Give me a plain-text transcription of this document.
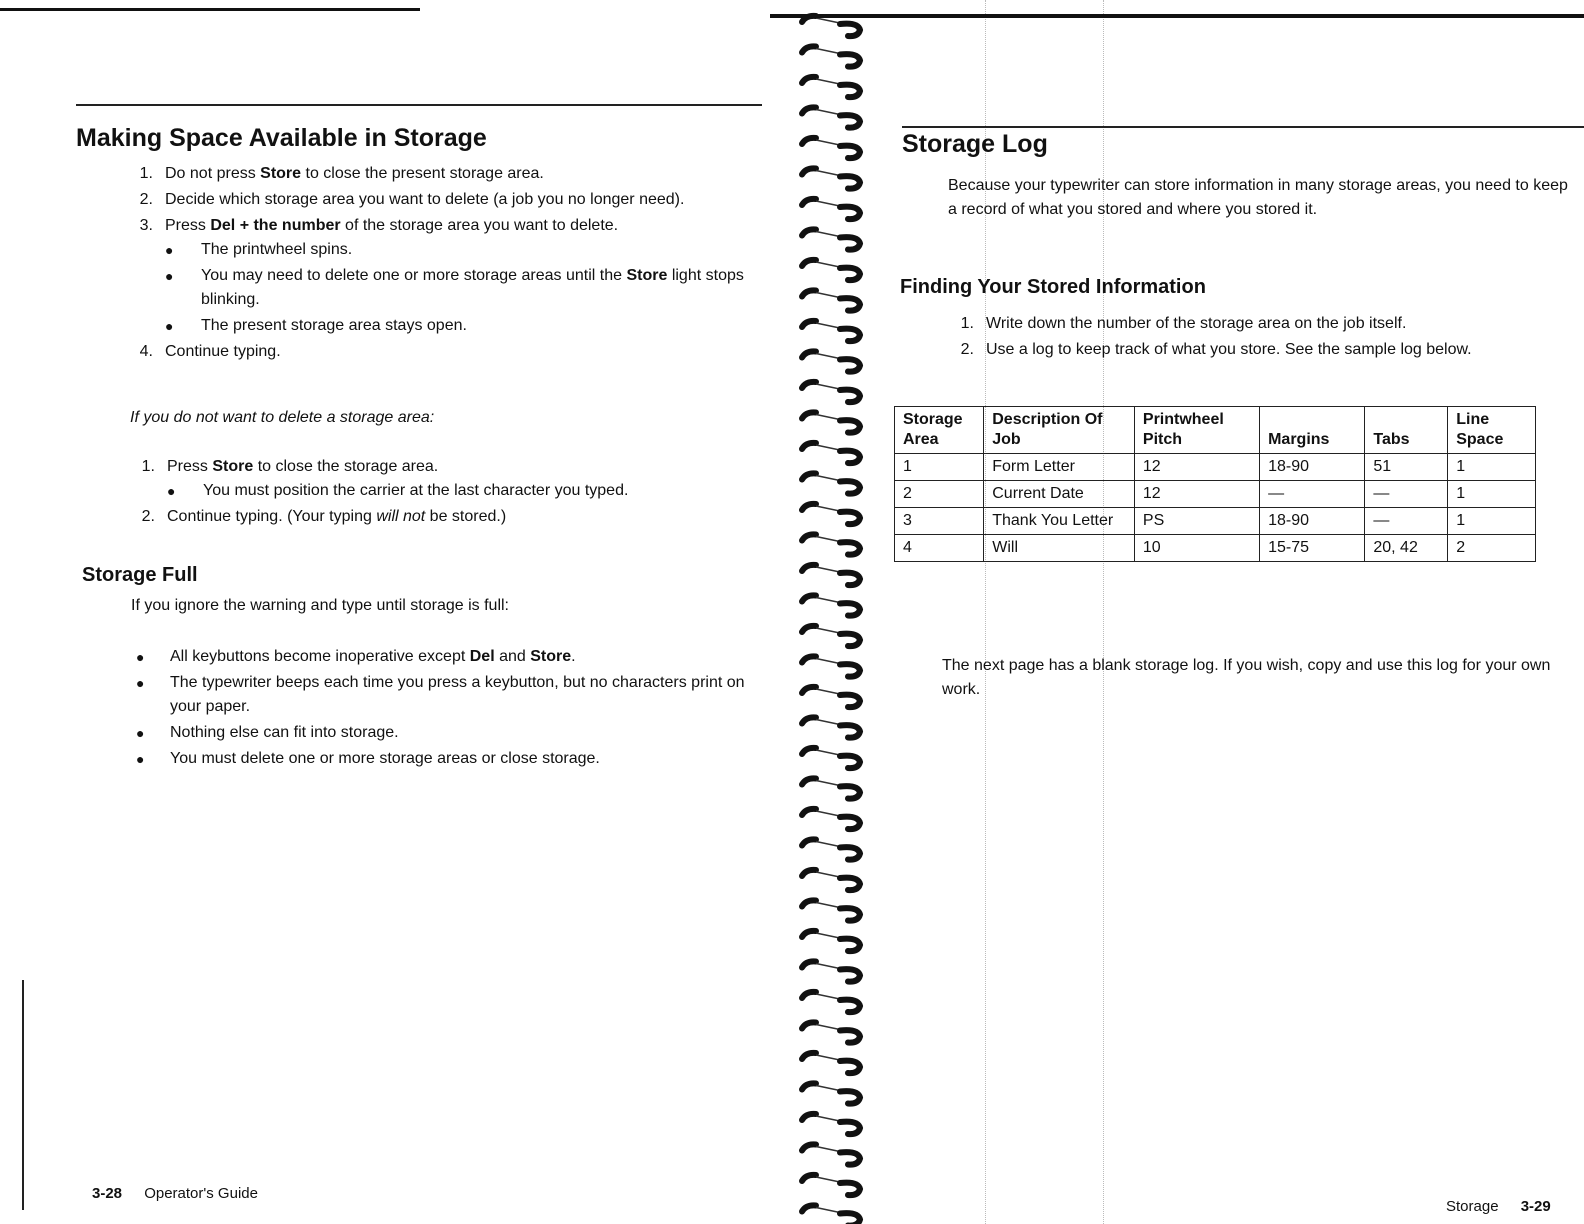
Making Space Available in Storage
1. Do not press Store to close the present storage area.
2. Decide which storage area you want to delete (a job you no longer need).
3. Press Del + the number of the storage area you want to delete.
● The printwheel spins.
● You may need to delete one or more storage areas until the Store light stops blinking.
● The present storage area stays open.
4. Continue typing.

If you do not want to delete a storage area:

1. Press Store to close the storage area.
● You must position the carrier at the last character you typed.
2. Continue typing. (Your typing will not be stored.)
Storage Full

If you ignore the warning and type until storage is full:

● All keybuttons become inoperative except Del and Store.
● The typewriter beeps each time you press a keybutton, but no characters print on your paper.
● Nothing else can fit into storage.
● You must delete one or more storage areas or close storage.
3-28 Operator's Guide
Storage Log

Because your typewriter can store information in many storage areas, you need to keep a record of what you stored and where you stored it.

Finding Your Stored Information
1. Write down the number of the storage area on the job itself.
2. Use a log to keep track of what you store. See the sample log below.
Storage Area	Description Of Job	Printwheel Pitch	Margins	Tabs	Line Space
1	Form Letter	12	18-90	51	1
2	Current Date	12	—	—	1
3	Thank You Letter	PS	18-90	—	1
4	Will	10	15-75	20, 42	2

The next page has a blank storage log. If you wish, copy and use this log for your own work.

Storage 3-29
